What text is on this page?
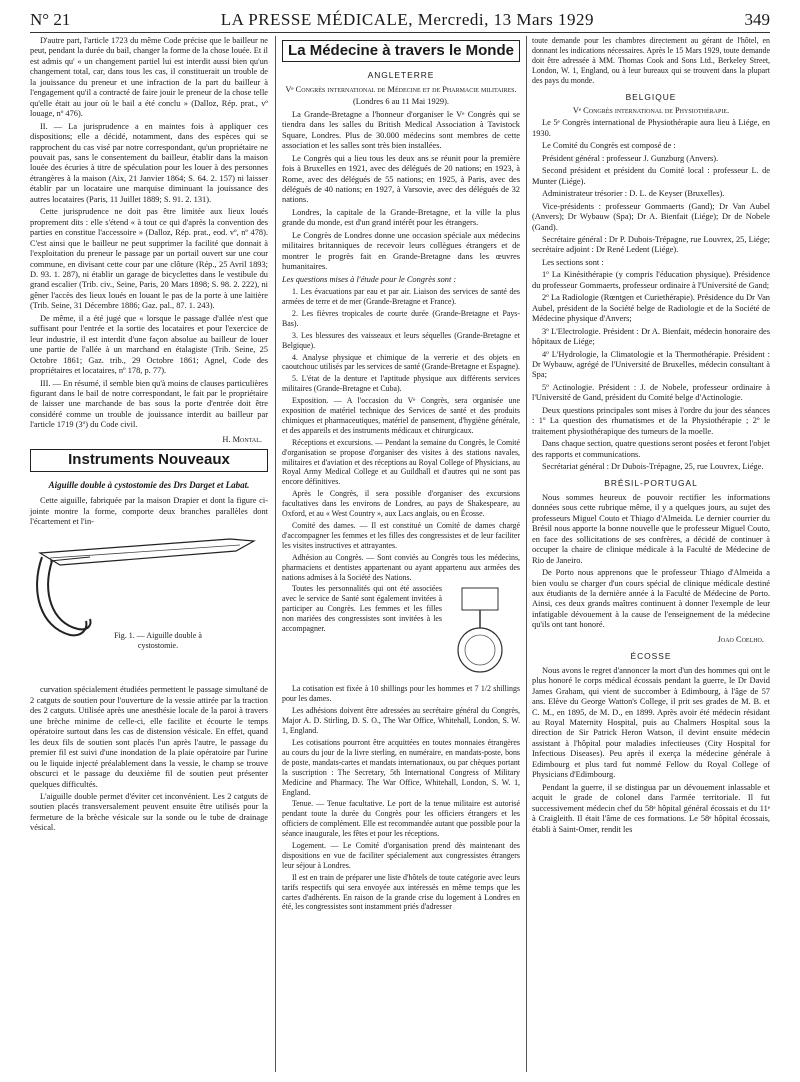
N° 21	LA PRESSE MÉDICALE, Mercredi, 13 Mars 1929	349

D'autre part, l'article 1723 du même Code précise que le bailleur ne peut, pendant la durée du bail, changer la forme de la chose louée. Et il est admis qu' « un changement partiel lui est interdit aussi bien qu'un changement total, car, dans tous les cas, il constituerait un trouble de la jouissance du preneur et une infraction de la part du bailleur à l'engagement qu'il a contracté de faire jouir le preneur de la chose telle qu'elle était au jour où le bail a été conclu » (Dalloz, Rép. prat., vº louage, nº 476).

II. — La jurisprudence a en maintes fois à appliquer ces dispositions; elle a décidé, notamment, dans des espèces qui se rapprochent du cas visé par notre correspondant, qu'un propriétaire ne pouvait pas, sans le consentement du bailleur, établir dans la maison louée des écuries à titre de spéculation pour les louer à des personnes étrangères à la maison (Aix, 21 Janvier 1864; S. 64. 2. 157) ni laisser établir par un locataire une marquise diminuant la jouissance des autres locataires (Paris, 11 Juillet 1889; S. 91. 2. 131).

Cette jurisprudence ne doit pas être limitée aux lieux loués proprement dits : elle s'étend « à tout ce qui d'après la convention des parties en constitue l'accessoire » (Dalloz, Rép. prat., eod. vº, nº 478). C'est ainsi que le bailleur ne peut supprimer la facilité que donnait à l'exploitation du preneur le passage par un portail ouvert sur une cour commune, en divisant cette cour par une clôture (Rép., 25 Avril 1893; D. 93. 1. 287), ni établir un garage de bicyclettes dans le vestibule du grand escalier (Trib. civ., Seine, Paris, 20 Mars 1898; S. 98. 2. 222), ni gêner l'accès des lieux loués en louant le pas de la porte à une laitière (Trib. Seine, 31 Décembre 1886; Gaz. pal., 87. 1. 243).

De même, il a été jugé que « lorsque le passage d'allée n'est que suffisant pour l'entrée et la sortie des locataires et pour l'exercice de leur industrie, il est interdit d'une façon absolue au bailleur de louer une partie de l'allée à un marchand en étalagiste (Trib. Seine, 25 Octobre 1861; Gaz. trib., 29 Octobre 1861; Agnel, Code des propriétaires et locataires, nº 178, p. 77).

III. — En résumé, il semble bien qu'à moins de clauses particulières figurant dans le bail de notre correspondant, le fait par le propriétaire de laisser une marchande de bas sous la porte d'entrée doit être considéré comme un trouble de jouissance interdit au bailleur par l'article 1719 (3º) du Code civil.

H. Montal.
Instruments Nouveaux
Aiguille double à cystostomie des Drs Darget et Labat.

Cette aiguille, fabriquée par la maison Drapier et dont la figure ci-jointe montre la forme, comporte deux branches parallèles dont l'écartement et l'in-

Fig. 1. — Aiguille double à cystostomie.

curvation spécialement étudiées permettent le passage simultané de 2 catguts de soutien pour l'ouverture de la vessie attirée par la traction des 2 catguts. Utilisée après une anesthésie locale de la paroi à travers une brèche minime de celle-ci, elle facilite et écourte le temps opératoire surtout dans les cas de distension vésicale. En effet, quand les deux fils de soutien sont placés l'un après l'autre, le passage du premier fil est suivi d'une inondation de la plaie opératoire par l'urine ou le liquide injecté préalablement dans la vessie, le champ se trouve obscurci et le passage du deuxième fil de soutien peut présenter quelques difficultés.

L'aiguille double permet d'éviter cet inconvénient. Les 2 catguts de soutien placés transversalement peuvent ensuite être utilisés pour la fermeture de la brèche vésicale sur la sonde ou le tube de drainage vésical.

La Médecine à travers le Monde
ANGLETERRE

Vᵉ Congrès international de Médecine et de Pharmacie militaires.

(Londres 6 au 11 Mai 1929).

La Grande-Bretagne a l'honneur d'organiser le Vᵉ Congrès qui se tiendra dans les salles du British Medical Association à Tavistock Square, Londres. Plus de 30.000 médecins sont membres de cette association et les salles sont très bien installées.

Le Congrès qui a lieu tous les deux ans se réunit pour la première fois à Bruxelles en 1921, avec des délégués de 20 nations; en 1923, à Rome, avec des délégués de 55 nations; en 1925, à Paris, avec des délégués de 40 nations; en 1927, à Varsovie, avec des délégués de 32 nations.

Londres, la capitale de la Grande-Bretagne, et la ville la plus grande du monde, est d'un grand intérêt pour les étrangers.

Le Congrès de Londres donne une occasion spéciale aux médecins militaires britanniques de recevoir leurs collègues étrangers et de montrer le progrès fait en Grande-Bretagne dans les œuvres humanitaires.

Les questions mises à l'étude pour le Congrès sont :

1. Les évacuations par eau et par air. Liaison des services de santé des armées de terre et de mer (Grande-Bretagne et France).

2. Les fièvres tropicales de courte durée (Grande-Bretagne et Pays-Bas).

3. Les blessures des vaisseaux et leurs séquelles (Grande-Bretagne et Belgique).

4. Analyse physique et chimique de la verrerie et des objets en caoutchouc utilisés par les services de santé (Grande-Bretagne et Espagne).

5. L'état de la denture et l'aptitude physique aux différents services militaires (Grande-Bretagne et Cuba).

Exposition. — A l'occasion du Vᵉ Congrès, sera organisée une exposition de matériel technique des Services de santé et des produits chimiques et pharmaceutiques, matériel de pansement, d'hygiène générale, et des appareils et des instruments médicaux et chirurgicaux.

Réceptions et excursions. — Pendant la semaine du Congrès, le Comité d'organisation se propose d'organiser des visites à des stations navales, militaires et d'aviation et des réceptions au Royal College of Physicians, au Royal Army Medical College et au Guildhall et d'autres qui ne sont pas encore définitives.

Après le Congrès, il sera possible d'organiser des excursions facultatives dans les environs de Londres, au pays de Shakespeare, au Oxford, et au « West Country », aux Lacs anglais, ou en Écosse.

Comité des dames. — Il est constitué un Comité de dames chargé d'accompagner les femmes et les filles des congressistes et de leur faciliter les visites instructives et attrayantes.

Adhésion au Congrès. — Sont conviés au Congrès tous les médecins, pharmaciens et dentistes appartenant ou ayant appartenu aux armées des nations admises à la Société des Nations.

Toutes les personnalités qui ont été associées avec le service de Santé sont également invitées à participer au Congrès. Les femmes et les filles non mariées des congressistes sont invitées à les accompagner.

La cotisation est fixée à 10 shillings pour les hommes et 7 1/2 shillings pour les dames.

Les adhésions doivent être adressées au secrétaire général du Congrès, Major A. D. Stirling, D. S. O., The War Office, Whitehall, London, S. W. 1, England.

Les cotisations pourront être acquittées en toutes monnaies étrangères au cours du jour de la livre sterling, en numéraire, en mandats-poste, bons de poste, mandats-cartes et mandats internationaux, ou par chèques portant la suscription : The Secretary, 5th International Congress of Military Medicine and Pharmacy. The War Office, Whitehall, London, S. W. 1, England.

Tenue. — Tenue facultative. Le port de la tenue militaire est autorisé pendant toute la durée du Congrès pour les officiers étrangers et les officiers de complément. Elle est recommandée autant que possible pour la séance inaugurale, les fêtes et pour les réceptions.

Logement. — Le Comité d'organisation prend dès maintenant des dispositions en vue de faciliter spécialement aux congressistes étrangers leur séjour à Londres.

Il est en train de préparer une liste d'hôtels de toute catégorie avec leurs tarifs respectifs qui sera envoyée aux intéressés en même temps que les cartes d'adhérents. En raison de la grande crise du logement à Londres en été, les congressistes sont instamment priés d'adresser

toute demande pour les chambres directement au gérant de l'hôtel, en donnant les indications nécessaires. Après le 15 Mars 1929, toute demande doit être adressée à MM. Thomas Cook and Sons Ltd., Berkeley Street, London, W. 1, England, ou à leur bureaux qui se trouvent dans la plupart des pays du monde.

BELGIQUE

Vᵉ Congrès international de Physiothérapie.

Le 5ᵉ Congrès international de Physiothérapie aura lieu à Liége, en 1930.

Le Comité du Congrès est composé de :

Président général : professeur J. Gunzburg (Anvers).

Second président et président du Comité local : professeur L. de Munter (Liége).

Administrateur trésorier : D. L. de Keyser (Bruxelles).

Vice-présidents : professeur Gommaerts (Gand); Dr Van Aubel (Anvers); Dr Wybauw (Spa); Dr A. Bienfait (Liége); Dr de Nobele (Gand).

Secrétaire général : Dr P. Dubois-Trépagne, rue Louvrex, 25, Liége; secrétaire adjoint : Dr René Ledent (Liége).

Les sections sont :

1º La Kinésithérapie (y compris l'éducation physique). Présidence du professeur Gommaerts, professeur ordinaire à l'Université de Gand;

2º La Radiologie (Rœntgen et Curiethérapie). Présidence du Dr Van Aubel, président de la Société belge de Radiologie et de la Société de Médecine physique d'Anvers;

3º L'Electrologie. Président : Dr A. Bienfait, médecin honoraire des hôpitaux de Liége;

4º L'Hydrologie, la Climatologie et la Thermothérapie. Président : Dr Wybauw, agrégé de l'Université de Bruxelles, médecin consultant à Spa;

5º Actinologie. Président : J. de Nobele, professeur ordinaire à l'Université de Gand, président du Comité belge d'Actinologie.

Deux questions principales sont mises à l'ordre du jour des séances : 1º La question des rhumatismes et de la Physiothérapie ; 2º le traitement physiothérapique des tumeurs de la moelle.

Dans chaque section, quatre questions seront posées et feront l'objet des rapports et communications.

Secrétariat général : Dr Dubois-Trépagne, 25, rue Louvrex, Liége.

BRÉSIL-PORTUGAL

Nous sommes heureux de pouvoir rectifier les informations données sous cette rubrique même, il y a quelques jours, au sujet des professeurs Miguel Couto et Thiago d'Almeida. Le dernier courrier du Brésil nous apporte la bonne nouvelle que le professeur Miguel Couto, en face des sollicitations de ses confrères, a décidé de continuer à occuper la chaire de clinique médicale à la Faculté de Médecine de Rio de Janeiro.

De Porto nous apprenons que le professeur Thiago d'Almeida a bien voulu se charger d'un cours spécial de clinique médicale destiné aux étudiants de la dernière année à la Faculté de Médecine de Porto. Ainsi, ces deux grands maîtres continuent à donner l'exemple de leur infatigable dévouement à la cause de l'enseignement de la médecine qu'ils ont tant honoré.

Joao Coelho.
ÉCOSSE

Nous avons le regret d'annoncer la mort d'un des hommes qui ont le plus honoré le corps médical écossais pendant la guerre, le Dr David James Graham, qui vient de succomber à Edimbourg, à l'âge de 57 ans. Elève du George Watton's College, il prit ses grades de M. B. et C. M., en 1895, de M. D., en 1899. Après avoir été médecin résidant au Royal Maternity Hospital, puis au Chalmers Hospital sous la direction de Sir Patrick Heron Watson, il devint ensuite médecin assistant à l'hôpital pour maladies infectieuses (City Hospital for Infectious Diseases). Peu après il exerça la médecine générale à Edimbourg et plus tard fut nommé Fellow du Royal College of Physicians d'Edimbourg.

Pendant la guerre, il se distingua par un dévouement inlassable et acquit le grade de colonel dans l'armée territoriale. Il fut successivement médecin chef du 58ᵉ hôpital général écossais et du 11ᵉ à Craigleith. Il était l'âme de ces formations. Le 58ᵉ hôpital écossais, établi à Saint-Omer, rendit les
